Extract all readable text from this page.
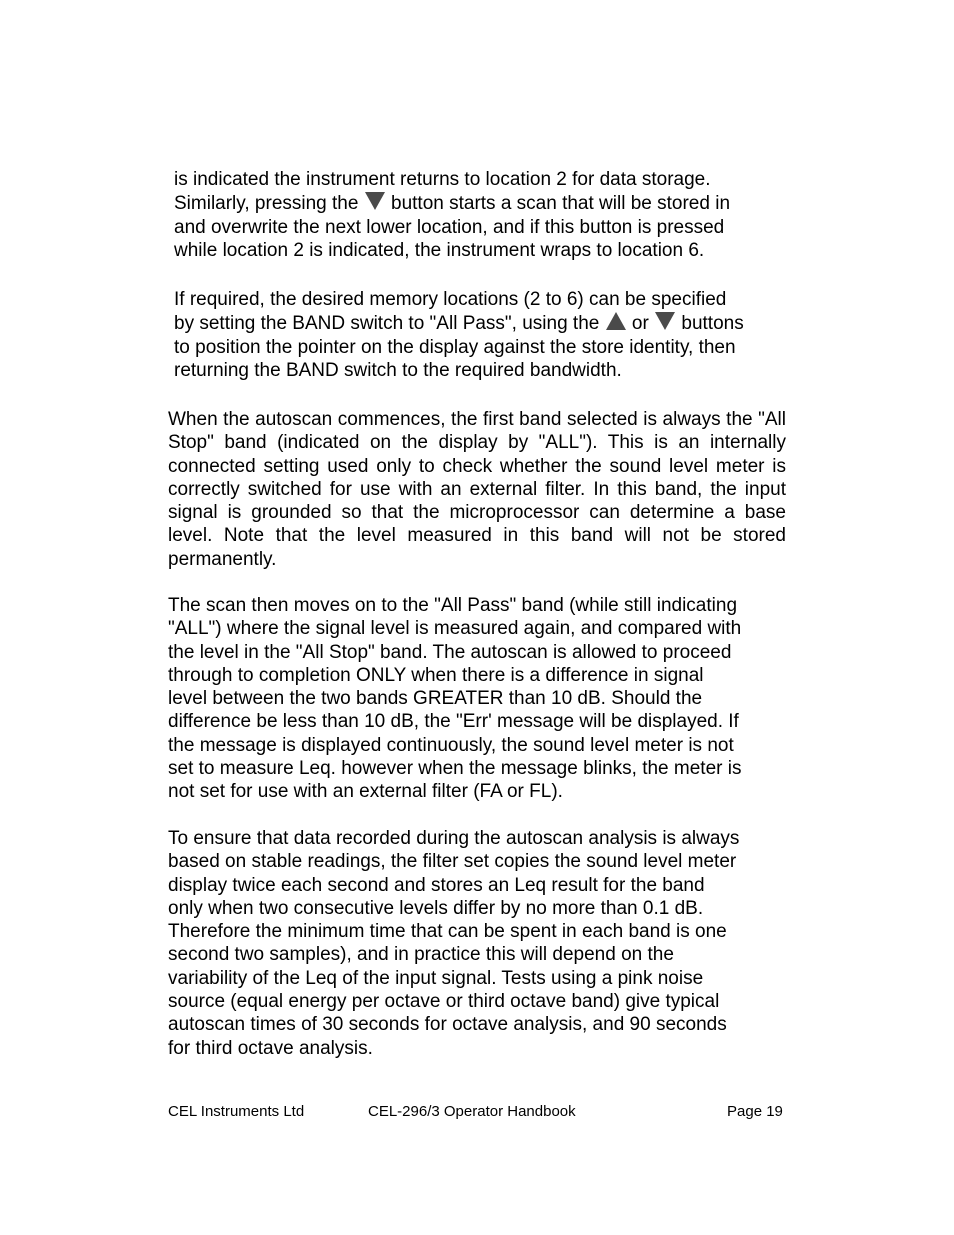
is indicated the instrument returns to location 2 for data storage.
Similarly, pressing the  button starts a scan that will be stored in
and overwrite the next lower location, and if this button is pressed
while location 2 is indicated, the instrument wraps to location 6.
If required, the desired memory locations (2 to 6) can be specified
by setting the BAND switch to "All Pass", using the  or  buttons
to position the pointer on the display against the store identity, then
returning the BAND switch to the required bandwidth.
When the autoscan commences, the first band selected is always the "All Stop" band (indicated on the display by "ALL"). This is an internally connected setting used only to check whether the sound level meter is correctly switched for use with an external filter. In this band, the input signal is grounded so that the microprocessor can determine a base level. Note that the level measured in this band will not be stored permanently.
The scan then moves on to the "All Pass" band (while still indicating
"ALL") where the signal level is measured again, and compared with
the level in the "All Stop" band. The autoscan is allowed to proceed
through to completion ONLY when there is a difference in signal
level between the two bands GREATER than 10 dB. Should the
difference be less than 10 dB, the "Err' message will be displayed. If
the message is displayed continuously, the sound level meter is not
set to measure Leq. however when the message blinks, the meter is
not set for use with an external filter (FA or FL).
To ensure that data recorded during the autoscan analysis is always
based on stable readings, the filter set copies the sound level meter
display twice each second and stores an Leq result for the band
only when two consecutive levels differ by no more than 0.1 dB.
Therefore the minimum time that can be spent in each band is one
second two samples), and in practice this will depend on the
variability of the Leq of the input signal. Tests using a pink noise
source (equal energy per octave or third octave band) give typical
autoscan times of 30 seconds for octave analysis, and 90 seconds
for third octave analysis.
CEL Instruments Ltd	CEL-296/3 Operator Handbook	Page 19
